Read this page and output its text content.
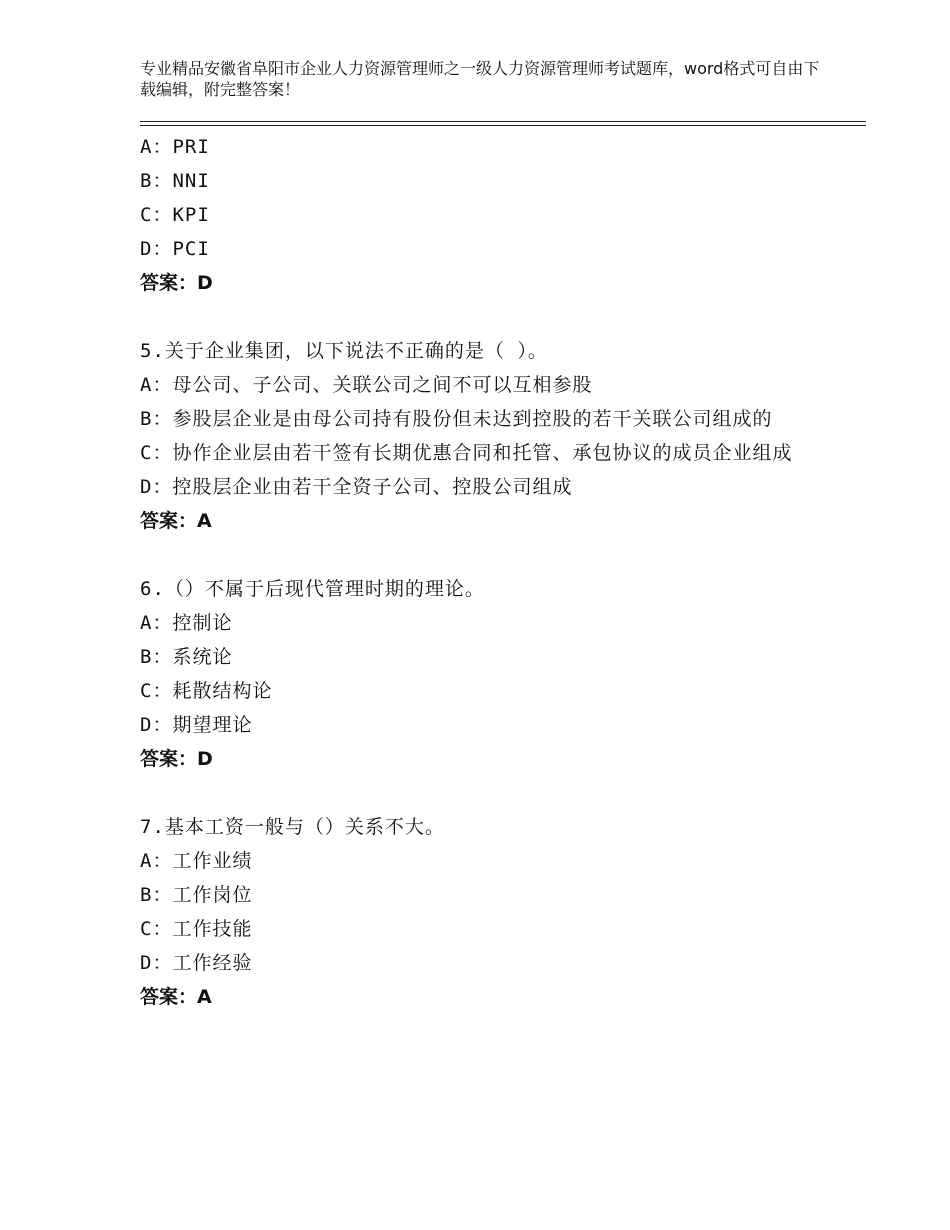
专业精品安徽省阜阳市企业人力资源管理师之一级人力资源管理师考试题库，word格式可自由下载编辑，附完整答案！
A：PRI
B：NNI
C：KPI
D：PCI
答案：D
5.关于企业集团，以下说法不正确的是（ ）。
A：母公司、子公司、关联公司之间不可以互相参股
B：参股层企业是由母公司持有股份但未达到控股的若干关联公司组成的
C：协作企业层由若干签有长期优惠合同和托管、承包协议的成员企业组成
D：控股层企业由若干全资子公司、控股公司组成
答案：A
6.（）不属于后现代管理时期的理论。
A：控制论
B：系统论
C：耗散结构论
D：期望理论
答案：D
7.基本工资一般与（）关系不大。
A：工作业绩
B：工作岗位
C：工作技能
D：工作经验
答案：A
